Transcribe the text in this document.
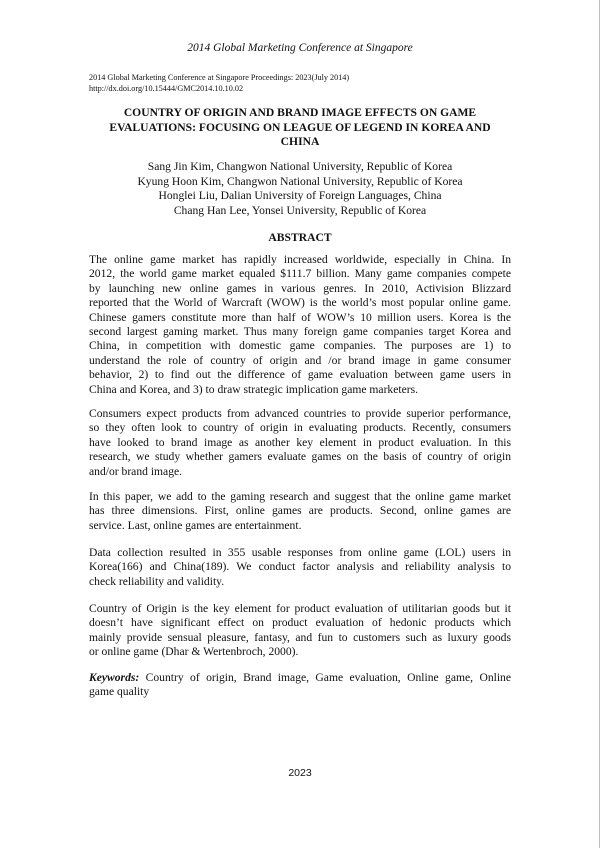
2014 Global Marketing Conference at Singapore
2014 Global Marketing Conference at Singapore Proceedings: 2023(July 2014)
http://dx.doi.org/10.15444/GMC2014.10.10.02
COUNTRY OF ORIGIN AND BRAND IMAGE EFFECTS ON GAME
EVALUATIONS: FOCUSING ON LEAGUE OF LEGEND IN KOREA AND
CHINA
Sang Jin Kim, Changwon National University, Republic of Korea
Kyung Hoon Kim, Changwon National University, Republic of Korea
Honglei Liu, Dalian University of Foreign Languages, China
Chang Han Lee, Yonsei University, Republic of Korea
ABSTRACT
The online game market has rapidly increased worldwide, especially in China. In
2012, the world game market equaled $111.7 billion. Many game companies compete
by launching new online games in various genres. In 2010, Activision Blizzard
reported that the World of Warcraft (WOW) is the world’s most popular online game.
Chinese gamers constitute more than half of WOW’s 10 million users. Korea is the
second largest gaming market. Thus many foreign game companies target Korea and
China, in competition with domestic game companies. The purposes are 1) to
understand the role of country of origin and /or brand image in game consumer
behavior, 2) to find out the difference of game evaluation between game users in
China and Korea, and 3) to draw strategic implication game marketers.
Consumers expect products from advanced countries to provide superior performance,
so they often look to country of origin in evaluating products. Recently, consumers
have looked to brand image as another key element in product evaluation. In this
research, we study whether gamers evaluate games on the basis of country of origin
and/or brand image.
In this paper, we add to the gaming research and suggest that the online game market
has three dimensions. First, online games are products. Second, online games are
service. Last, online games are entertainment.
Data collection resulted in 355 usable responses from online game (LOL) users in
Korea(166) and China(189). We conduct factor analysis and reliability analysis to
check reliability and validity.
Country of Origin is the key element for product evaluation of utilitarian goods but it
doesn’t have significant effect on product evaluation of hedonic products which
mainly provide sensual pleasure, fantasy, and fun to customers such as luxury goods
or online game (Dhar & Wertenbroch, 2000).
Keywords: Country of origin, Brand image, Game evaluation, Online game, Online
game quality
2023
